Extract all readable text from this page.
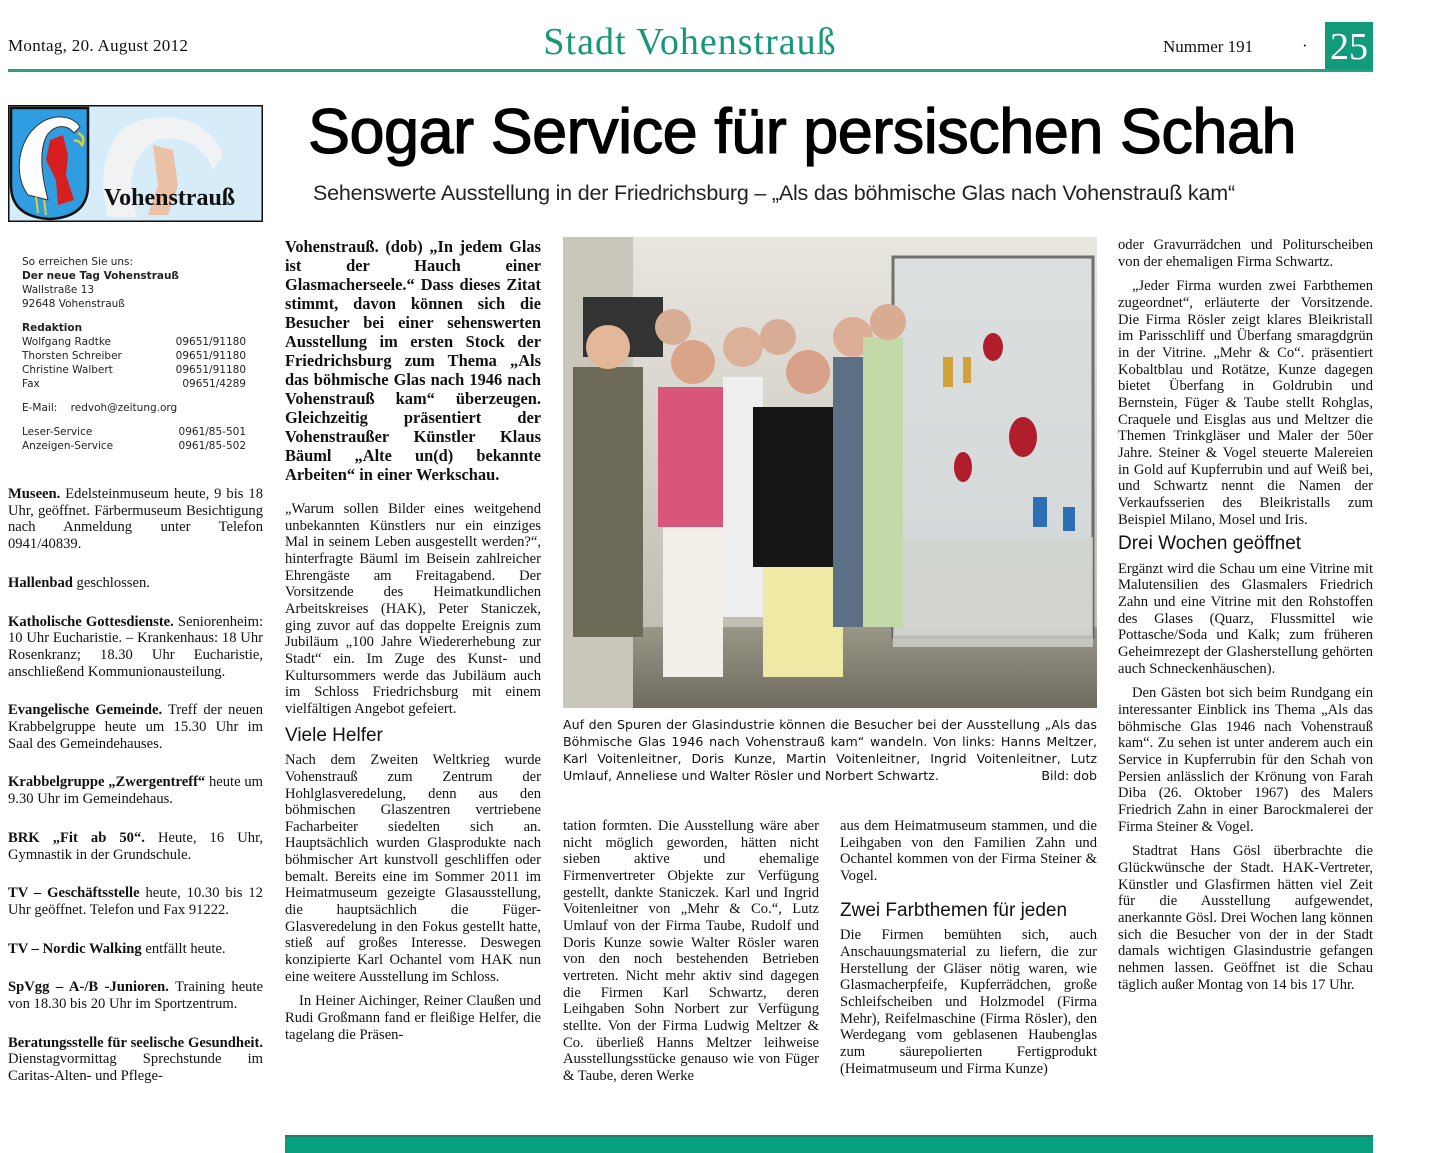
Montag, 20. August 2012	Stadt Vohenstrauß	Nummer 191	· 25
Vohenstrauß
Sogar Service für persischen Schah
Sehenswerte Ausstellung in der Friedrichsburg – „Als das böhmische Glas nach Vohenstrauß kam“
So erreichen Sie uns:
Der neue Tag Vohenstrauß
Wallstraße 13
92648 Vohenstrauß
Redaktion
Wolfgang Radtke	09651/91180
Thorsten Schreiber	09651/91180
Christine Walbert	09651/91180
Fax	09651/4289
E-Mail: redvoh@zeitung.org
Leser-Service	0961/85-501
Anzeigen-Service	0961/85-502

Museen. Edelsteinmuseum heute, 9 bis 18 Uhr, geöffnet. Färbermuseum Besichtigung nach Anmeldung unter Telefon 0941/40839.

Hallenbad geschlossen.

Katholische Gottesdienste. Seniorenheim: 10 Uhr Eucharistie. – Krankenhaus: 18 Uhr Rosenkranz; 18.30 Uhr Eucharistie, anschließend Kommunionausteilung.

Evangelische Gemeinde. Treff der neuen Krabbelgruppe heute um 15.30 Uhr im Saal des Gemeindehauses.

Krabbelgruppe „Zwergentreff“ heute um 9.30 Uhr im Gemeindehaus.

BRK „Fit ab 50“. Heute, 16 Uhr, Gymnastik in der Grundschule.

TV – Geschäftsstelle heute, 10.30 bis 12 Uhr geöffnet. Telefon und Fax 91222.

TV – Nordic Walking entfällt heute.

SpVgg – A-/B -Junioren. Training heute von 18.30 bis 20 Uhr im Sportzentrum.

Beratungsstelle für seelische Gesundheit. Dienstagvormittag Sprechstunde im Caritas-Alten- und Pflege-

Vohenstrauß. (dob) „In jedem Glas ist der Hauch einer Glasmacherseele.“ Dass dieses Zitat stimmt, davon können sich die Besucher bei einer sehenswerten Ausstellung im ersten Stock der Friedrichsburg zum Thema „Als das böhmische Glas nach 1946 nach Vohenstrauß kam“ überzeugen. Gleichzeitig präsentiert der Vohenstraußer Künstler Klaus Bäuml „Alte un(d) bekannte Arbeiten“ in einer Werkschau.

„Warum sollen Bilder eines weitgehend unbekannten Künstlers nur ein einziges Mal in seinem Leben ausgestellt werden?“, hinterfragte Bäuml im Beisein zahlreicher Ehrengäste am Freitagabend. Der Vorsitzende des Heimatkundlichen Arbeitskreises (HAK), Peter Staniczek, ging zuvor auf das doppelte Ereignis zum Jubiläum „100 Jahre Wiedererhebung zur Stadt“ ein. Im Zuge des Kunst- und Kultursommers werde das Jubiläum auch im Schloss Friedrichsburg mit einem vielfältigen Angebot gefeiert.

Viele Helfer

Nach dem Zweiten Weltkrieg wurde Vohenstrauß zum Zentrum der Hohlglasveredelung, denn aus den böhmischen Glaszentren vertriebene Facharbeiter siedelten sich an. Hauptsächlich wurden Glasprodukte nach böhmischer Art kunstvoll geschliffen oder bemalt. Bereits eine im Sommer 2011 im Heimatmuseum gezeigte Glasausstellung, die hauptsächlich die Füger-Glasveredelung in den Fokus gestellt hatte, stieß auf großes Interesse. Deswegen konzipierte Karl Ochantel vom HAK nun eine weitere Ausstellung im Schloss.

In Heiner Aichinger, Reiner Claußen und Rudi Großmann fand er fleißige Helfer, die tagelang die Präsen-

Auf den Spuren der Glasindustrie können die Besucher bei der Ausstellung „Als das Böhmische Glas 1946 nach Vohenstrauß kam“ wandeln. Von links: Hanns Meltzer, Karl Voitenleitner, Doris Kunze, Martin Voitenleitner, Ingrid Voitenleitner, Lutz Umlauf, Anneliese und Walter Rösler und Norbert Schwartz.	Bild: dob

tation formten. Die Ausstellung wäre aber nicht möglich geworden, hätten nicht sieben aktive und ehemalige Firmenvertreter Objekte zur Verfügung gestellt, dankte Staniczek. Karl und Ingrid Voitenleitner von „Mehr & Co.“, Lutz Umlauf von der Firma Taube, Rudolf und Doris Kunze sowie Walter Rösler waren von den noch bestehenden Betrieben vertreten. Nicht mehr aktiv sind dagegen die Firmen Karl Schwartz, deren Leihgaben Sohn Norbert zur Verfügung stellte. Von der Firma Ludwig Meltzer & Co. überließ Hanns Meltzer leihweise Ausstellungsstücke genauso wie von Füger & Taube, deren Werke

aus dem Heimatmuseum stammen, und die Leihgaben von den Familien Zahn und Ochantel kommen von der Firma Steiner & Vogel.

Zwei Farbthemen für jeden

Die Firmen bemühten sich, auch Anschauungsmaterial zu liefern, die zur Herstellung der Gläser nötig waren, wie Glasmacherpfeife, Kupferrädchen, große Schleifscheiben und Holzmodel (Firma Mehr), Reifelmaschine (Firma Rösler), den Werdegang vom geblasenen Haubenglas zum säurepolierten Fertigprodukt (Heimatmuseum und Firma Kunze)

oder Gravurrädchen und Politurscheiben von der ehemaligen Firma Schwartz.

„Jeder Firma wurden zwei Farbthemen zugeordnet“, erläuterte der Vorsitzende. Die Firma Rösler zeigt klares Bleikristall im Parisschliff und Überfang smaragdgrün in der Vitrine. „Mehr & Co“. präsentiert Kobaltblau und Rotätze, Kunze dagegen bietet Überfang in Goldrubin und Bernstein, Füger & Taube stellt Rohglas, Craquele und Eisglas aus und Meltzer die Themen Trinkgläser und Maler der 50er Jahre. Steiner & Vogel steuerte Malereien in Gold auf Kupferrubin und auf Weiß bei, und Schwartz nennt die Namen der Verkaufsserien des Bleikristalls zum Beispiel Milano, Mosel und Iris.

Drei Wochen geöffnet

Ergänzt wird die Schau um eine Vitrine mit Malutensilien des Glasmalers Friedrich Zahn und eine Vitrine mit den Rohstoffen des Glases (Quarz, Flussmittel wie Pottasche/Soda und Kalk; zum früheren Geheimrezept der Glasherstellung gehörten auch Schneckenhäuschen).

Den Gästen bot sich beim Rundgang ein interessanter Einblick ins Thema „Als das böhmische Glas 1946 nach Vohenstrauß kam“. Zu sehen ist unter anderem auch ein Service in Kupferrubin für den Schah von Persien anlässlich der Krönung von Farah Diba (26. Oktober 1967) des Malers Friedrich Zahn in einer Barockmalerei der Firma Steiner & Vogel.

Stadtrat Hans Gösl überbrachte die Glückwünsche der Stadt. HAK-Vertreter, Künstler und Glasfirmen hätten viel Zeit für die Ausstellung aufgewendet, anerkannte Gösl. Drei Wochen lang können sich die Besucher von der in der Stadt damals wichtigen Glasindustrie gefangen nehmen lassen. Geöffnet ist die Schau täglich außer Montag von 14 bis 17 Uhr.
